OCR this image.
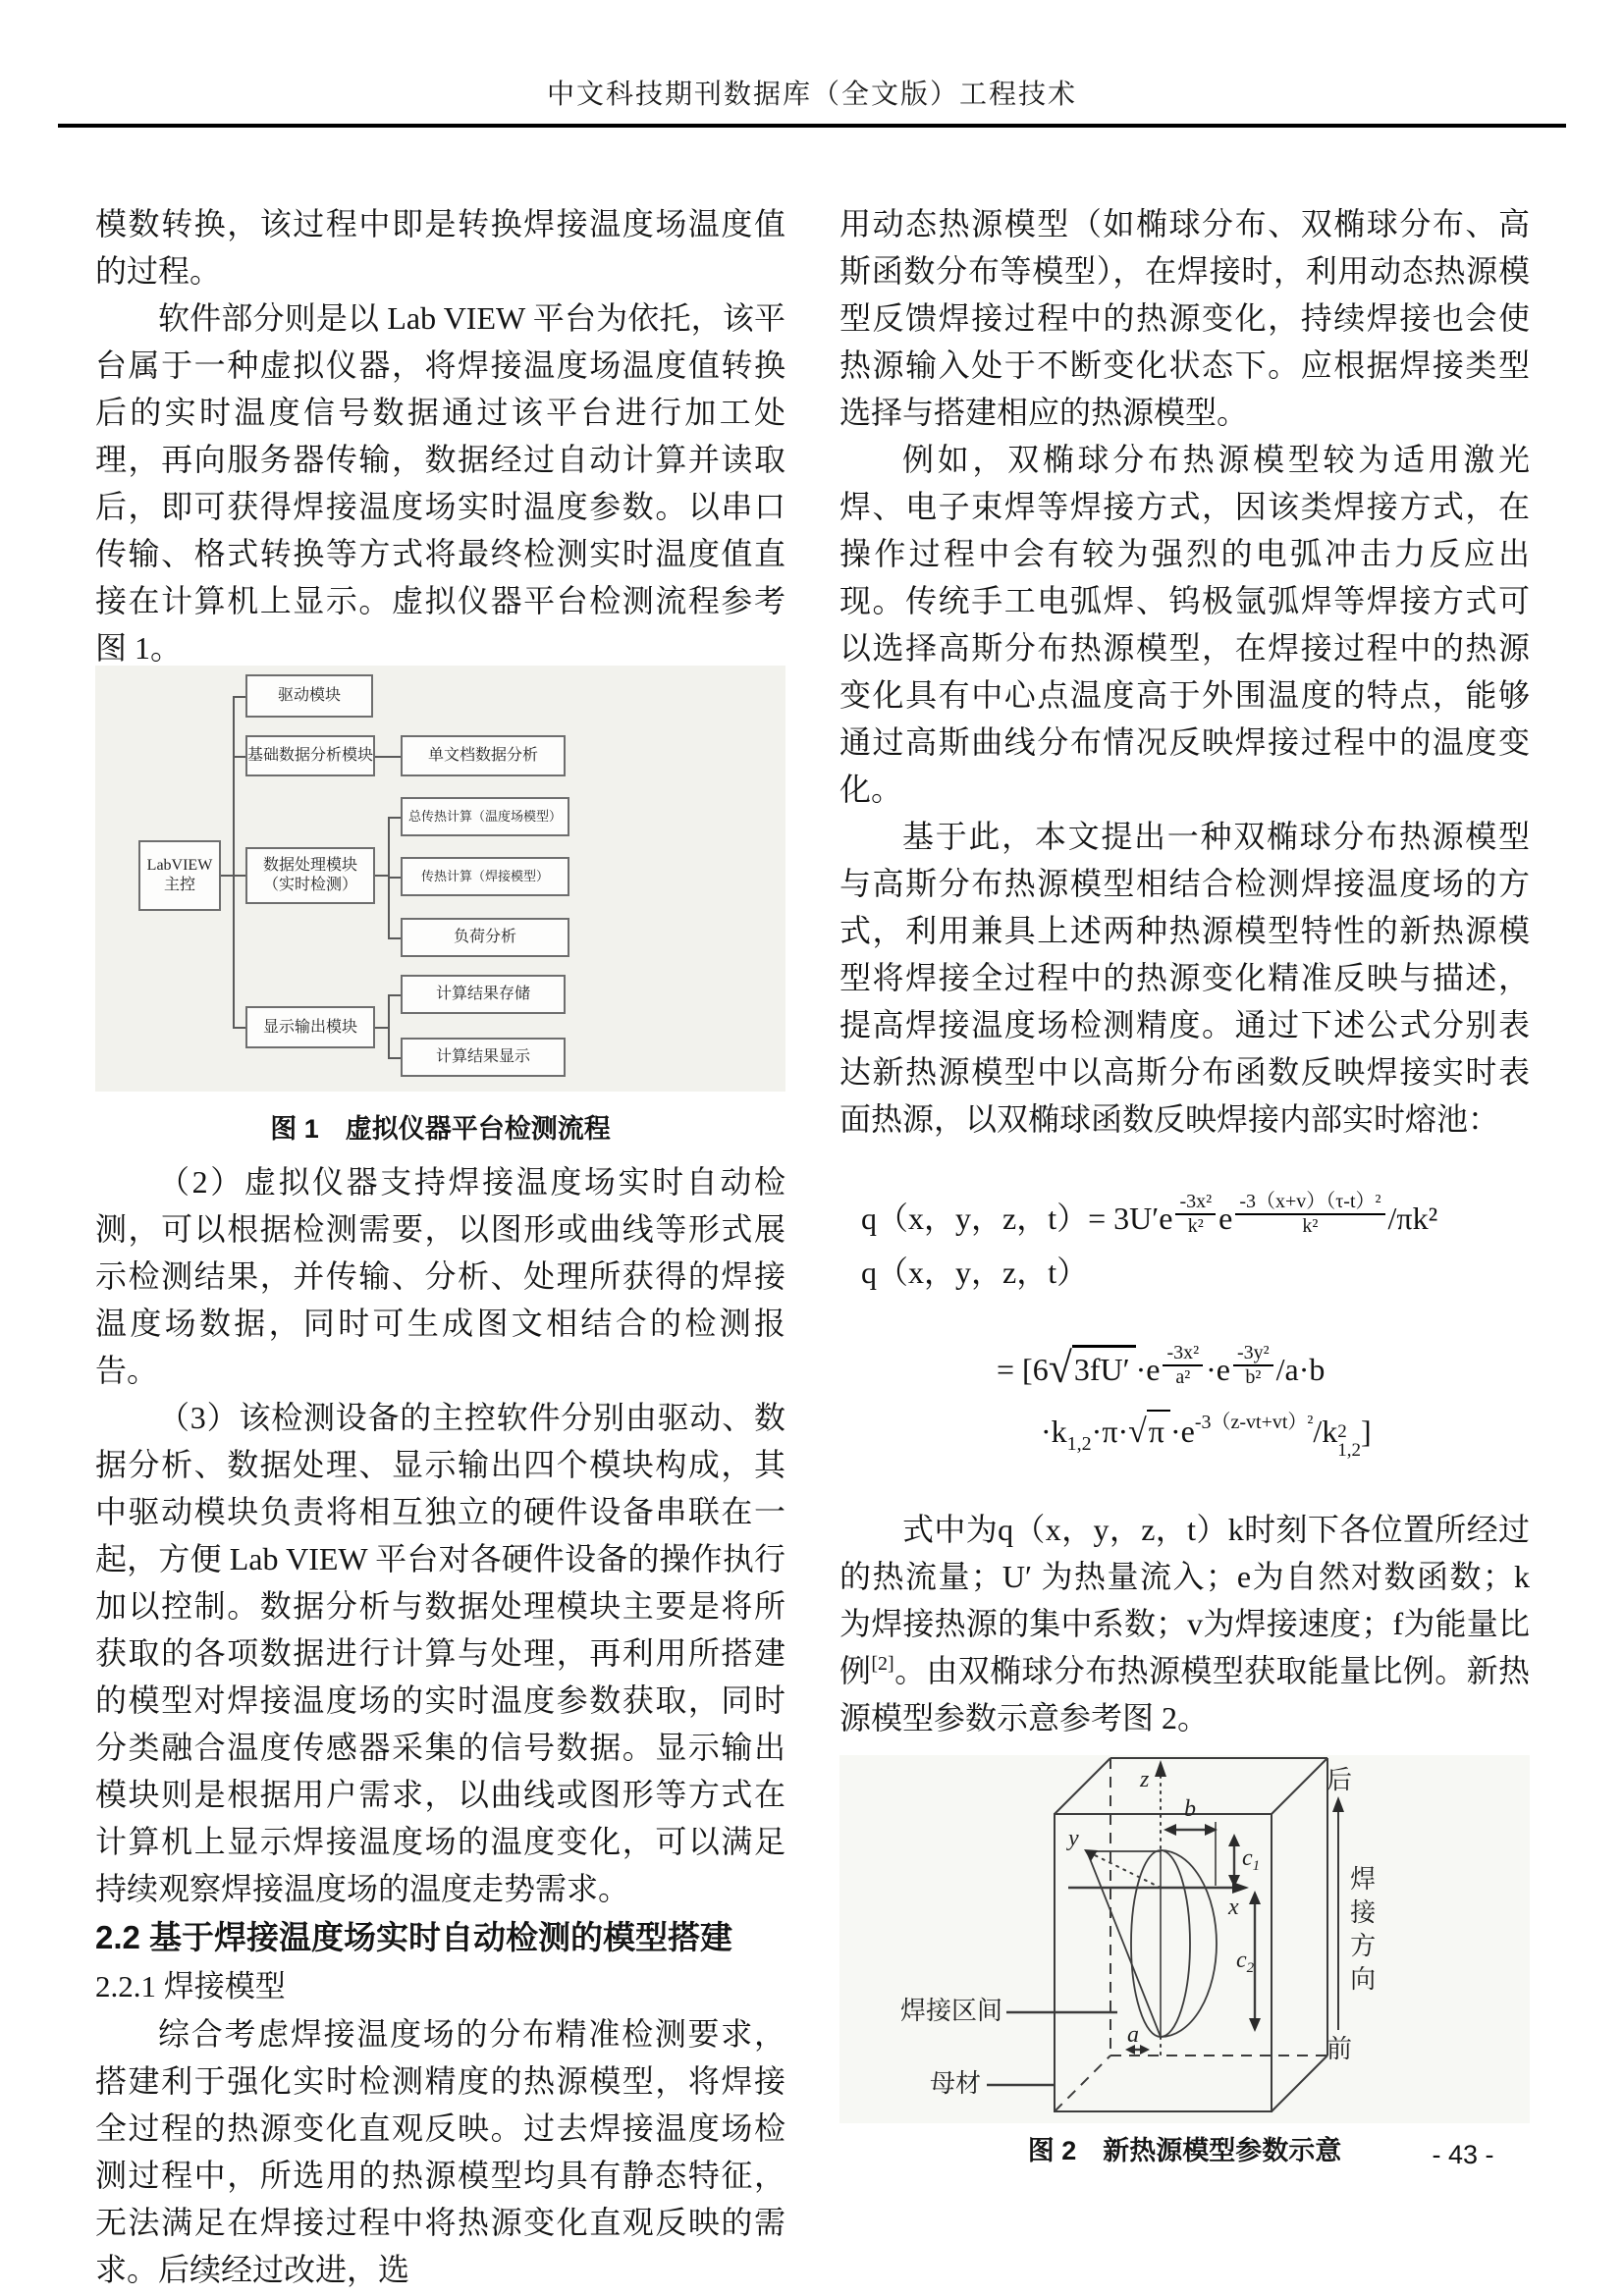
中文科技期刊数据库（全文版）工程技术

模数转换，该过程中即是转换焊接温度场温度值的过程。

软件部分则是以 Lab VIEW 平台为依托，该平台属于一种虚拟仪器，将焊接温度场温度值转换后的实时温度信号数据通过该平台进行加工处理，再向服务器传输，数据经过自动计算并读取后，即可获得焊接温度场实时温度参数。以串口传输、格式转换等方式将最终检测实时温度值直接在计算机上显示。虚拟仪器平台检测流程参考图 1。

LabVIEW
主控
驱动模块
基础数据分析模块
数据处理模块
（实时检测）
显示输出模块
单文档数据分析
总传热计算（温度场模型）
传热计算（焊接模型）
负荷分析
计算结果存储
计算结果显示
图 1　虚拟仪器平台检测流程

（2）虚拟仪器支持焊接温度场实时自动检测，可以根据检测需要，以图形或曲线等形式展示检测结果，并传输、分析、处理所获得的焊接温度场数据，同时可生成图文相结合的检测报告。

（3）该检测设备的主控软件分别由驱动、数据分析、数据处理、显示输出四个模块构成，其中驱动模块负责将相互独立的硬件设备串联在一起，方便 Lab VIEW 平台对各硬件设备的操作执行加以控制。数据分析与数据处理模块主要是将所获取的各项数据进行计算与处理，再利用所搭建的模型对焊接温度场的实时温度参数获取，同时分类融合温度传感器采集的信号数据。显示输出模块则是根据用户需求，以曲线或图形等方式在计算机上显示焊接温度场的温度变化，可以满足持续观察焊接温度场的温度走势需求。

2.2 基于焊接温度场实时自动检测的模型搭建

2.2.1 焊接模型

综合考虑焊接温度场的分布精准检测要求，搭建利于强化实时检测精度的热源模型，将焊接全过程的热源变化直观反映。过去焊接温度场检测过程中，所选用的热源模型均具有静态特征，无法满足在焊接过程中将热源变化直观反映的需求。后续经过改进，选

用动态热源模型（如椭球分布、双椭球分布、高斯函数分布等模型），在焊接时，利用动态热源模型反馈焊接过程中的热源变化，持续焊接也会使热源输入处于不断变化状态下。应根据焊接类型选择与搭建相应的热源模型。

例如，双椭球分布热源模型较为适用激光焊、电子束焊等焊接方式，因该类焊接方式，在操作过程中会有较为强烈的电弧冲击力反应出现。传统手工电弧焊、钨极氩弧焊等焊接方式可以选择高斯分布热源模型，在焊接过程中的热源变化具有中心点温度高于外围温度的特点，能够通过高斯曲线分布情况反映焊接过程中的温度变化。

基于此，本文提出一种双椭球分布热源模型与高斯分布热源模型相结合检测焊接温度场的方式，利用兼具上述两种热源模型特性的新热源模型将焊接全过程中的热源变化精准反映与描述，提高焊接温度场检测精度。通过下述公式分别表达新热源模型中以高斯分布函数反映焊接实时表面热源，以双椭球函数反映焊接内部实时熔池：

q（x，y，z，t）= 3U′ e $\frac{\text{-3x²}}{\text{k²}}$ e $\frac{\text{-3（x+v）（τ-t）²}}{\text{k²}} /\pi k^2$
q（x，y，z，t）
= [6 √ $3fU' \cdot e \frac{\text{-3x²}}{\text{a²}} \cdot e \frac{\text{-3y²}}{\text{b²}} /a\cdot b$
$\cdot k_{1,2}\cdot\pi\cdot√\pi \cdot e^{-3(z-vt+vt)^2}/k$ 2
1,2
]

式中为q（x，y，z，t）k时刻下各位置所经过的热流量；U′ 为热量流入；e为自然对数函数；k为焊接热源的集中系数；v为焊接速度；f为能量比例[2]。由双椭球分布热源模型获取能量比例。新热源模型参数示意参考图 2。

z
y
x
b
a
$c_1$
$c_2$
焊接区间
母材
后
前
焊接方向
图 2　新热源模型参数示意	- 43 -
